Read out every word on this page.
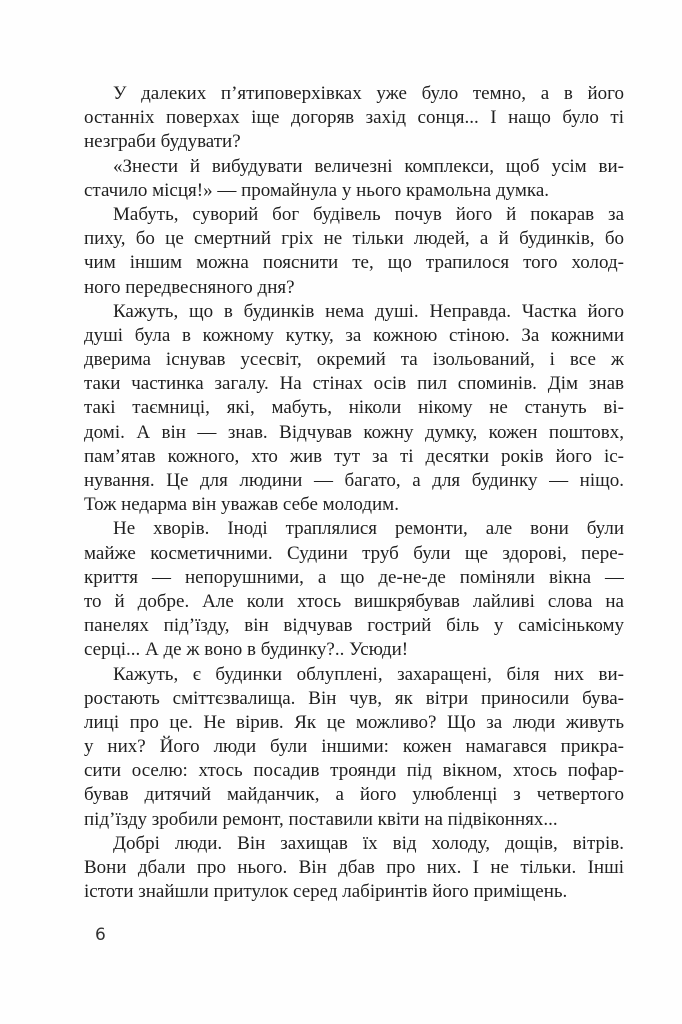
У далеких п’ятиповерхівках уже було темно, а в його
останніх поверхах іще догоряв захід сонця... І нащо було ті
незграби будувати?
«Знести й вибудувати величезні комплекси, щоб усім ви-
стачило місця!» — промайнула у нього крамольна думка.
Мабуть, суворий бог будівель почув його й покарав за
пиху, бо це смертний гріх не тільки людей, а й будинків, бо
чим іншим можна пояснити те, що трапилося того холод-
ного передвесняного дня?
Кажуть, що в будинків нема душі. Неправда. Частка його
душі була в кожному кутку, за кожною стіною. За кожними
дверима існував усесвіт, окремий та ізольований, і все ж
таки частинка загалу. На стінах осів пил споминів. Дім знав
такі таємниці, які, мабуть, ніколи нікому не стануть ві-
домі. А він — знав. Відчував кожну думку, кожен поштовх,
пам’ятав кожного, хто жив тут за ті десятки років його іс-
нування. Це для людини — багато, а для будинку — ніщо.
Тож недарма він уважав себе молодим.
Не хворів. Іноді траплялися ремонти, але вони були
майже косметичними. Судини труб були ще здорові, пере-
криття — непорушними, а що де-не-де поміняли вікна —
то й добре. Але коли хтось вишкрябував лайливі слова на
панелях під’їзду, він відчував гострий біль у самісінькому
серці... А де ж воно в будинку?.. Усюди!
Кажуть, є будинки облуплені, захаращені, біля них ви-
ростають сміттєзвалища. Він чув, як вітри приносили бува-
лиці про це. Не вірив. Як це можливо? Що за люди живуть
у них? Його люди були іншими: кожен намагався прикра-
сити оселю: хтось посадив троянди під вікном, хтось пофар-
бував дитячий майданчик, а його улюбленці з четвертого
під’їзду зробили ремонт, поставили квіти на підвіконнях...
Добрі люди. Він захищав їх від холоду, дощів, вітрів.
Вони дбали про нього. Він дбав про них. І не тільки. Інші
істоти знайшли притулок серед лабіринтів його приміщень.
6
